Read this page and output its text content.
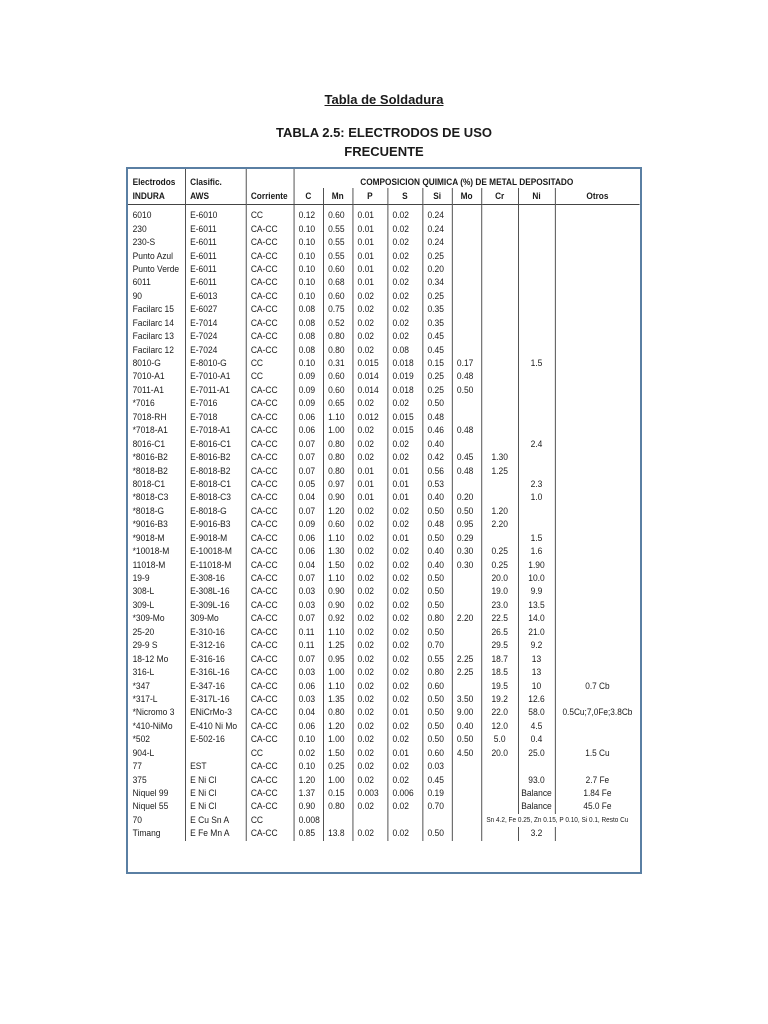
Tabla de Soldadura
TABLA 2.5: ELECTRODOS DE USO
FRECUENTE
Electrodos	Clasific.		COMPOSICION QUIMICA (%) DE METAL DEPOSITADO								
INDURA	AWS	Corriente	C	Mn	P	S	Si	Mo	Cr	Ni	Otros
6010	E-6010	CC	0.12	0.60	0.01	0.02	0.24				
230	E-6011	CA-CC	0.10	0.55	0.01	0.02	0.24				
230-S	E-6011	CA-CC	0.10	0.55	0.01	0.02	0.24				
Punto Azul	E-6011	CA-CC	0.10	0.55	0.01	0.02	0.25				
Punto Verde	E-6011	CA-CC	0.10	0.60	0.01	0.02	0.20				
6011	E-6011	CA-CC	0.10	0.68	0.01	0.02	0.34				
90	E-6013	CA-CC	0.10	0.60	0.02	0.02	0.25				
Facilarc 15	E-6027	CA-CC	0.08	0.75	0.02	0.02	0.35				
Facilarc 14	E-7014	CA-CC	0.08	0.52	0.02	0.02	0.35				
Facilarc 13	E-7024	CA-CC	0.08	0.80	0.02	0.02	0.45				
Facilarc 12	E-7024	CA-CC	0.08	0.80	0.02	0.08	0.45				
8010-G	E-8010-G	CC	0.10	0.31	0.015	0.018	0.15	0.17		1.5	
7010-A1	E-7010-A1	CC	0.09	0.60	0.014	0.019	0.25	0.48			
7011-A1	E-7011-A1	CA-CC	0.09	0.60	0.014	0.018	0.25	0.50			
*7016	E-7016	CA-CC	0.09	0.65	0.02	0.02	0.50				
7018-RH	E-7018	CA-CC	0.06	1.10	0.012	0.015	0.48				
*7018-A1	E-7018-A1	CA-CC	0.06	1.00	0.02	0.015	0.46	0.48			
8016-C1	E-8016-C1	CA-CC	0.07	0.80	0.02	0.02	0.40			2.4	
*8016-B2	E-8016-B2	CA-CC	0.07	0.80	0.02	0.02	0.42	0.45	1.30		
*8018-B2	E-8018-B2	CA-CC	0.07	0.80	0.01	0.01	0.56	0.48	1.25		
8018-C1	E-8018-C1	CA-CC	0.05	0.97	0.01	0.01	0.53			2.3	
*8018-C3	E-8018-C3	CA-CC	0.04	0.90	0.01	0.01	0.40	0.20		1.0	
*8018-G	E-8018-G	CA-CC	0.07	1.20	0.02	0.02	0.50	0.50	1.20		
*9016-B3	E-9016-B3	CA-CC	0.09	0.60	0.02	0.02	0.48	0.95	2.20		
*9018-M	E-9018-M	CA-CC	0.06	1.10	0.02	0.01	0.50	0.29		1.5	
*10018-M	E-10018-M	CA-CC	0.06	1.30	0.02	0.02	0.40	0.30	0.25	1.6	
11018-M	E-11018-M	CA-CC	0.04	1.50	0.02	0.02	0.40	0.30	0.25	1.90	
19-9	E-308-16	CA-CC	0.07	1.10	0.02	0.02	0.50		20.0	10.0	
308-L	E-308L-16	CA-CC	0.03	0.90	0.02	0.02	0.50		19.0	9.9	
309-L	E-309L-16	CA-CC	0.03	0.90	0.02	0.02	0.50		23.0	13.5	
*309-Mo	309-Mo	CA-CC	0.07	0.92	0.02	0.02	0.80	2.20	22.5	14.0	
25-20	E-310-16	CA-CC	0.11	1.10	0.02	0.02	0.50		26.5	21.0	
29-9 S	E-312-16	CA-CC	0.11	1.25	0.02	0.02	0.70		29.5	9.2	
18-12 Mo	E-316-16	CA-CC	0.07	0.95	0.02	0.02	0.55	2.25	18.7	13	
316-L	E-316L-16	CA-CC	0.03	1.00	0.02	0.02	0.80	2.25	18.5	13	
*347	E-347-16	CA-CC	0.06	1.10	0.02	0.02	0.60		19.5	10	0.7 Cb
*317-L	E-317L-16	CA-CC	0.03	1.35	0.02	0.02	0.50	3.50	19.2	12.6	
*Nicromo 3	ENiCrMo-3	CA-CC	0.04	0.80	0.02	0.01	0.50	9.00	22.0	58.0	0.5Cu;7,0Fe;3.8Cb
*410-NiMo	E-410 Ni Mo	CA-CC	0.06	1.20	0.02	0.02	0.50	0.40	12.0	4.5	
*502	E-502-16	CA-CC	0.10	1.00	0.02	0.02	0.50	0.50	5.0	0.4	
904-L		CC	0.02	1.50	0.02	0.01	0.60	4.50	20.0	25.0	1.5 Cu
77	EST	CA-CC	0.10	0.25	0.02	0.02	0.03				
375	E Ni Cl	CA-CC	1.20	1.00	0.02	0.02	0.45			93.0	2.7 Fe
Niquel 99	E Ni Cl	CA-CC	1.37	0.15	0.003	0.006	0.19			Balance	1.84 Fe
Niquel 55	E Ni Cl	CA-CC	0.90	0.80	0.02	0.02	0.70			Balance	45.0 Fe
70	E Cu Sn A	CC	0.008						Sn 4.2, Fe 0.25, Zn 0.15, P 0.10, Si 0.1, Resto Cu		
Timang	E Fe Mn A	CA-CC	0.85	13.8	0.02	0.02	0.50			3.2	
